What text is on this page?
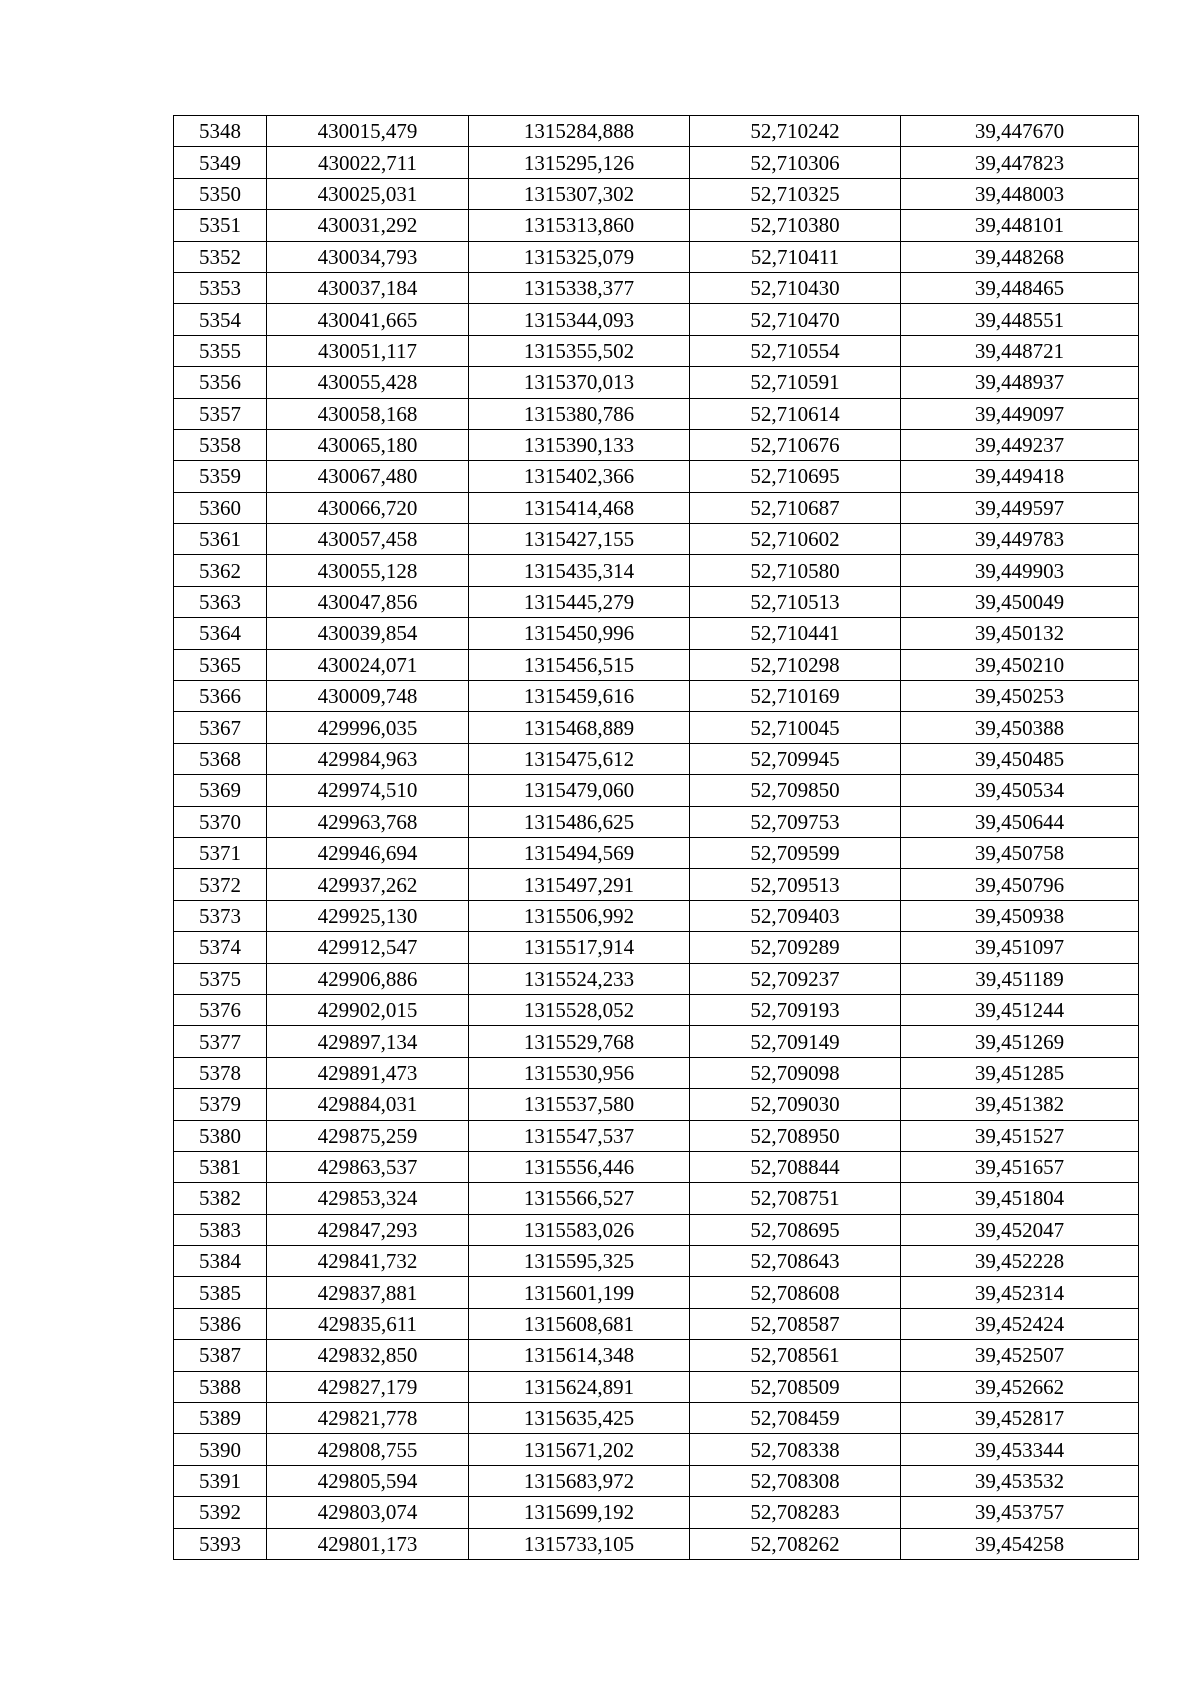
5348	430015,479	1315284,888	52,710242	39,447670
5349	430022,711	1315295,126	52,710306	39,447823
5350	430025,031	1315307,302	52,710325	39,448003
5351	430031,292	1315313,860	52,710380	39,448101
5352	430034,793	1315325,079	52,710411	39,448268
5353	430037,184	1315338,377	52,710430	39,448465
5354	430041,665	1315344,093	52,710470	39,448551
5355	430051,117	1315355,502	52,710554	39,448721
5356	430055,428	1315370,013	52,710591	39,448937
5357	430058,168	1315380,786	52,710614	39,449097
5358	430065,180	1315390,133	52,710676	39,449237
5359	430067,480	1315402,366	52,710695	39,449418
5360	430066,720	1315414,468	52,710687	39,449597
5361	430057,458	1315427,155	52,710602	39,449783
5362	430055,128	1315435,314	52,710580	39,449903
5363	430047,856	1315445,279	52,710513	39,450049
5364	430039,854	1315450,996	52,710441	39,450132
5365	430024,071	1315456,515	52,710298	39,450210
5366	430009,748	1315459,616	52,710169	39,450253
5367	429996,035	1315468,889	52,710045	39,450388
5368	429984,963	1315475,612	52,709945	39,450485
5369	429974,510	1315479,060	52,709850	39,450534
5370	429963,768	1315486,625	52,709753	39,450644
5371	429946,694	1315494,569	52,709599	39,450758
5372	429937,262	1315497,291	52,709513	39,450796
5373	429925,130	1315506,992	52,709403	39,450938
5374	429912,547	1315517,914	52,709289	39,451097
5375	429906,886	1315524,233	52,709237	39,451189
5376	429902,015	1315528,052	52,709193	39,451244
5377	429897,134	1315529,768	52,709149	39,451269
5378	429891,473	1315530,956	52,709098	39,451285
5379	429884,031	1315537,580	52,709030	39,451382
5380	429875,259	1315547,537	52,708950	39,451527
5381	429863,537	1315556,446	52,708844	39,451657
5382	429853,324	1315566,527	52,708751	39,451804
5383	429847,293	1315583,026	52,708695	39,452047
5384	429841,732	1315595,325	52,708643	39,452228
5385	429837,881	1315601,199	52,708608	39,452314
5386	429835,611	1315608,681	52,708587	39,452424
5387	429832,850	1315614,348	52,708561	39,452507
5388	429827,179	1315624,891	52,708509	39,452662
5389	429821,778	1315635,425	52,708459	39,452817
5390	429808,755	1315671,202	52,708338	39,453344
5391	429805,594	1315683,972	52,708308	39,453532
5392	429803,074	1315699,192	52,708283	39,453757
5393	429801,173	1315733,105	52,708262	39,454258
